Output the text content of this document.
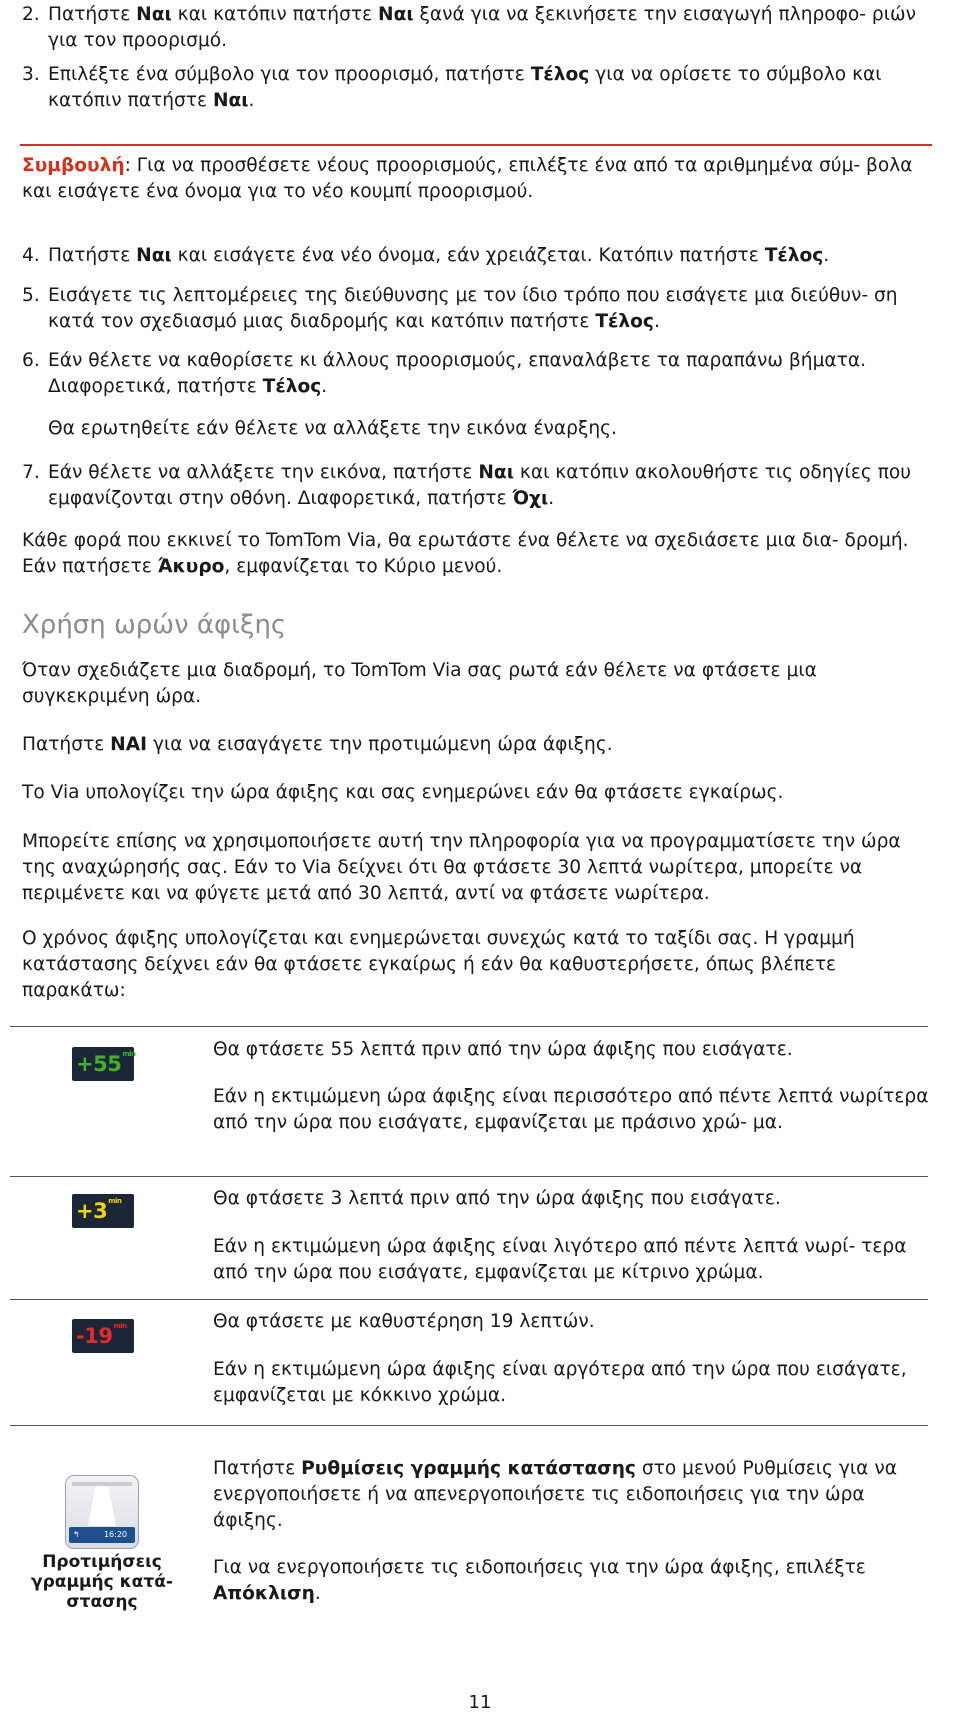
2. Πατήστε Ναι και κατόπιν πατήστε Ναι ξανά για να ξεκινήσετε την εισαγωγή πληροφο- ριών για τον προορισμό.

3. Επιλέξτε ένα σύμβολο για τον προορισμό, πατήστε Τέλος για να ορίσετε το σύμβολο και κατόπιν πατήστε Ναι.

Συμβουλή: Για να προσθέσετε νέους προορισμούς, επιλέξτε ένα από τα αριθμημένα σύμ- βολα και εισάγετε ένα όνομα για το νέο κουμπί προορισμού.

4. Πατήστε Ναι και εισάγετε ένα νέο όνομα, εάν χρειάζεται. Κατόπιν πατήστε Τέλος.

5. Εισάγετε τις λεπτομέρειες της διεύθυνσης με τον ίδιο τρόπο που εισάγετε μια διεύθυν- ση κατά τον σχεδιασμό μιας διαδρομής και κατόπιν πατήστε Τέλος.

6. Εάν θέλετε να καθορίσετε κι άλλους προορισμούς, επαναλάβετε τα παραπάνω βήματα. Διαφορετικά, πατήστε Τέλος.

Θα ερωτηθείτε εάν θέλετε να αλλάξετε την εικόνα έναρξης.

7. Εάν θέλετε να αλλάξετε την εικόνα, πατήστε Ναι και κατόπιν ακολουθήστε τις οδηγίες που εμφανίζονται στην οθόνη. Διαφορετικά, πατήστε Όχι.

Κάθε φορά που εκκινεί το TomTom Via, θα ερωτάστε ένα θέλετε να σχεδιάσετε μια δια- δρομή. Εάν πατήσετε Άκυρο, εμφανίζεται το Κύριο μενού.

Χρήση ωρών άφιξης

Όταν σχεδιάζετε μια διαδρομή, το TomTom Via σας ρωτά εάν θέλετε να φτάσετε μια συγκεκριμένη ώρα.

Πατήστε ΝΑΙ για να εισαγάγετε την προτιμώμενη ώρα άφιξης.

Το Via υπολογίζει την ώρα άφιξης και σας ενημερώνει εάν θα φτάσετε εγκαίρως.

Μπορείτε επίσης να χρησιμοποιήσετε αυτή την πληροφορία για να προγραμματίσετε την ώρα της αναχώρησής σας. Εάν το Via δείχνει ότι θα φτάσετε 30 λεπτά νωρίτερα, μπορείτε να περιμένετε και να φύγετε μετά από 30 λεπτά, αντί να φτάσετε νωρίτερα.

Ο χρόνος άφιξης υπολογίζεται και ενημερώνεται συνεχώς κατά το ταξίδι σας. Η γραμμή κατάστασης δείχνει εάν θα φτάσετε εγκαίρως ή εάν θα καθυστερήσετε, όπως βλέπετε παρακάτω:

$+55^{min}$	Θα φτάσετε 55 λεπτά πριν από την ώρα άφιξης που εισάγατε.

Εάν η εκτιμώμενη ώρα άφιξης είναι περισσότερο από πέντε λεπτά νωρίτερα από την ώρα που εισάγατε, εμφανίζεται με πράσινο χρώ- μα.

$+3^{min}$	Θα φτάσετε 3 λεπτά πριν από την ώρα άφιξης που εισάγατε.

Εάν η εκτιμώμενη ώρα άφιξης είναι λιγότερο από πέντε λεπτά νωρί- τερα από την ώρα που εισάγατε, εμφανίζεται με κίτρινο χρώμα.

$-19^{min}$	Θα φτάσετε με καθυστέρηση 19 λεπτών.

Εάν η εκτιμώμενη ώρα άφιξης είναι αργότερα από την ώρα που εισάγατε, εμφανίζεται με κόκκινο χρώμα.

↰	16:20
Προτιμήσεις γραμμής κατά- στασης

Πατήστε Ρυθμίσεις γραμμής κατάστασης στο μενού Ρυθμίσεις για να ενεργοποιήσετε ή να απενεργοποιήσετε τις ειδοποιήσεις για την ώρα άφιξης.

Για να ενεργοποιήσετε τις ειδοποιήσεις για την ώρα άφιξης, επιλέξτε Απόκλιση.

11
